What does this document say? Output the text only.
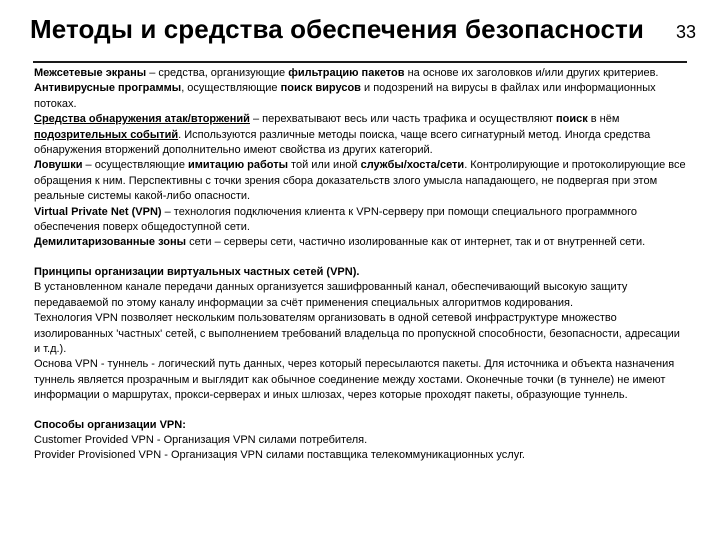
Методы и средства обеспечения безопасности 33

Межсетевые экраны – средства, организующие фильтрацию пакетов на основе их заголовков и/или других критериев.

Антивирусные программы, осуществляющие поиск вирусов и подозрений на вирусы в файлах или информационных потоках.

Средства обнаружения атак/вторжений – перехватывают весь или часть трафика и осуществляют поиск в нём подозрительных событий. Используются различные методы поиска, чаще всего сигнатурный метод. Иногда средства обнаружения вторжений дополнительно имеют свойства из других категорий.

Ловушки – осуществляющие имитацию работы той или иной службы/хоста/сети. Контролирующие и протоколирующие все обращения к ним. Перспективны с точки зрения сбора доказательств злого умысла нападающего, не подвергая при этом реальные системы какой-либо опасности.

Virtual Private Net (VPN) – технология подключения клиента к VPN-серверу при помощи специального программного обеспечения поверх общедоступной сети.

Демилитаризованные зоны сети – серверы сети, частично изолированные как от интернет, так и от внутренней сети.

Принципы организации виртуальных частных сетей (VPN).

В установленном канале передачи данных организуется зашифрованный канал, обеспечивающий высокую защиту передаваемой по этому каналу информации за счёт применения специальных алгоритмов кодирования.

Технология VPN позволяет нескольким пользователям организовать в одной сетевой инфраструктуре множество изолированных 'частных' сетей, с выполнением требований владельца по пропускной способности, безопасности, адресации и т.д.).

Основа VPN - туннель - логический путь данных, через который пересылаются пакеты. Для источника и объекта назначения туннель является прозрачным и выглядит как обычное соединение между хостами. Оконечные точки (в туннеле) не имеют информации о маршрутах, прокси-серверах и иных шлюзах, через которые проходят пакеты, образующие туннель.

Способы организации VPN:

Customer Provided VPN - Организация VPN силами потребителя.

Provider Provisioned VPN - Организация VPN силами поставщика телекоммуникационных услуг.
